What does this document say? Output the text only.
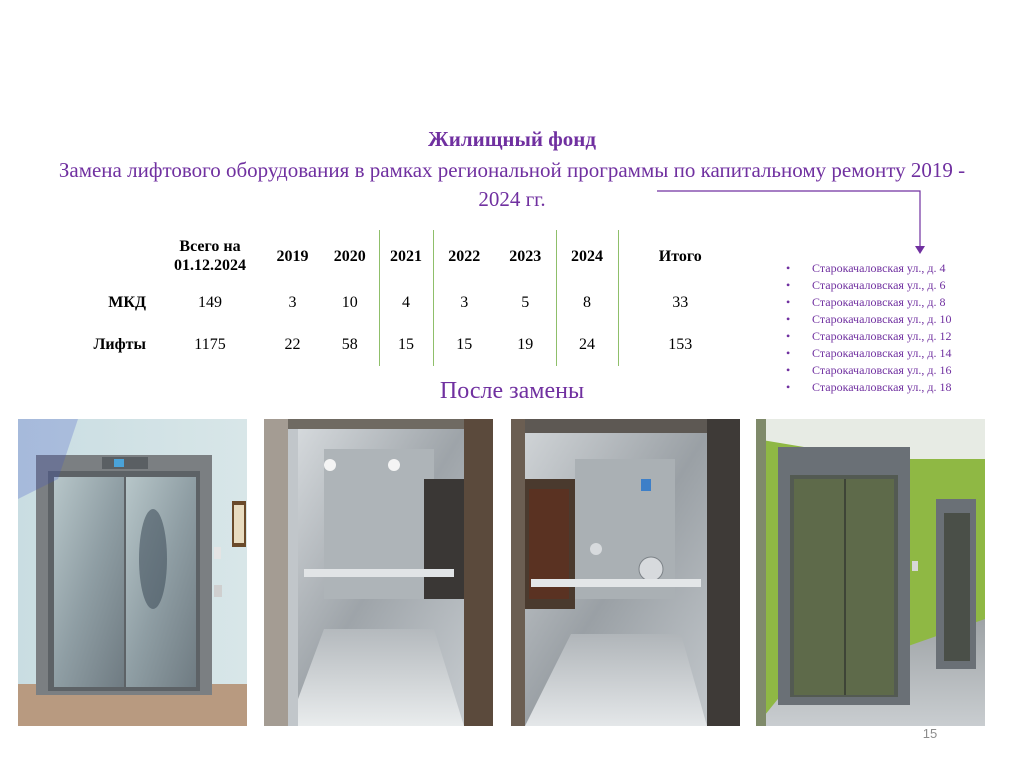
Жилищный фонд
Замена лифтового оборудования в рамках региональной программы по капитальному ремонту 2019 - 2024 гг.
	Всего на 01.12.2024	2019	2020	2021	2022	2023	2024	Итого
МКД	149	3	10	4	3	5	8	33
Лифты	1175	22	58	15	15	19	24	153
• Старокачаловская ул., д. 4
• Старокачаловская ул., д. 6
• Старокачаловская ул., д. 8
• Старокачаловская ул., д. 10
• Старокачаловская ул., д. 12
• Старокачаловская ул., д. 14
• Старокачаловская ул., д. 16
• Старокачаловская ул., д. 18
После замены
15
